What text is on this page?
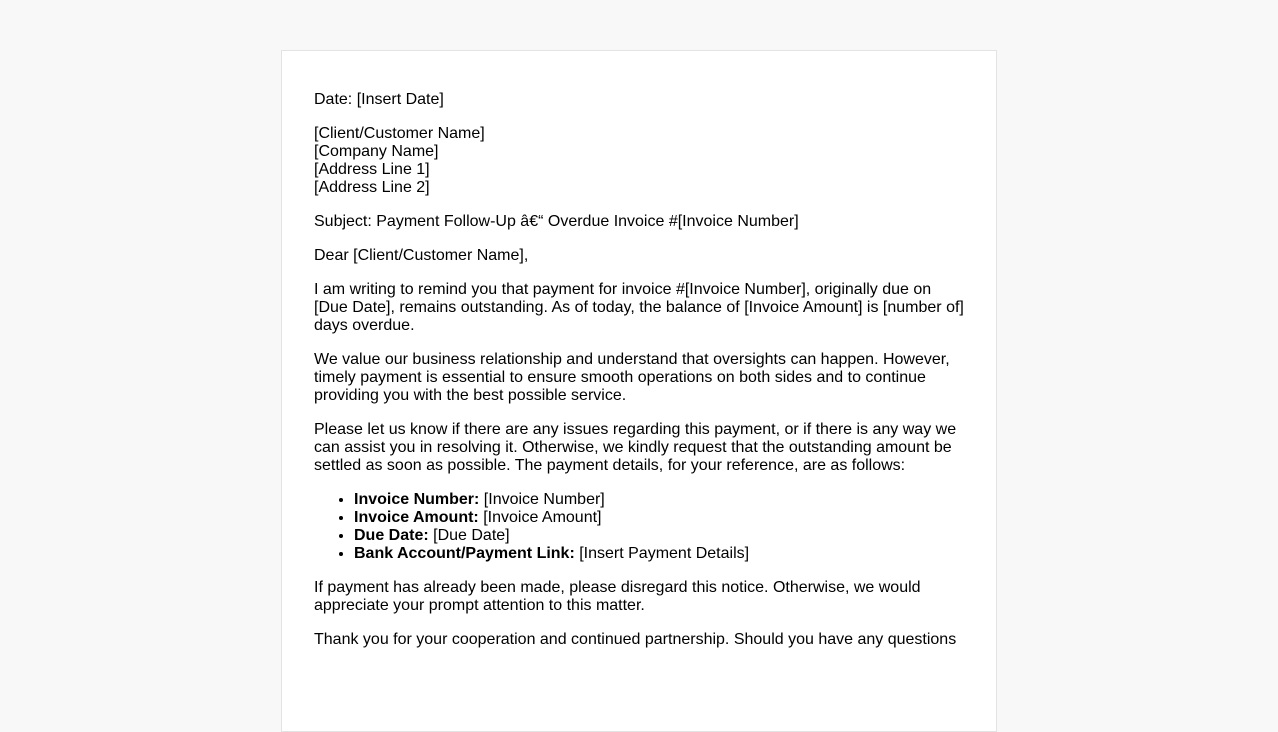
Date: [Insert Date]

[Client/Customer Name]
[Company Name]
[Address Line 1]
[Address Line 2]

Subject: Payment Follow-Up â€“ Overdue Invoice #[Invoice Number]

Dear [Client/Customer Name],

I am writing to remind you that payment for invoice #[Invoice Number], originally due on [Due Date], remains outstanding. As of today, the balance of [Invoice Amount] is [number of] days overdue.

We value our business relationship and understand that oversights can happen. However, timely payment is essential to ensure smooth operations on both sides and to continue providing you with the best possible service.

Please let us know if there are any issues regarding this payment, or if there is any way we can assist you in resolving it. Otherwise, we kindly request that the outstanding amount be settled as soon as possible. The payment details, for your reference, are as follows:

• Invoice Number: [Invoice Number]
• Invoice Amount: [Invoice Amount]
• Due Date: [Due Date]
• Bank Account/Payment Link: [Insert Payment Details]

If payment has already been made, please disregard this notice. Otherwise, we would appreciate your prompt attention to this matter.

Thank you for your cooperation and continued partnership. Should you have any questions
